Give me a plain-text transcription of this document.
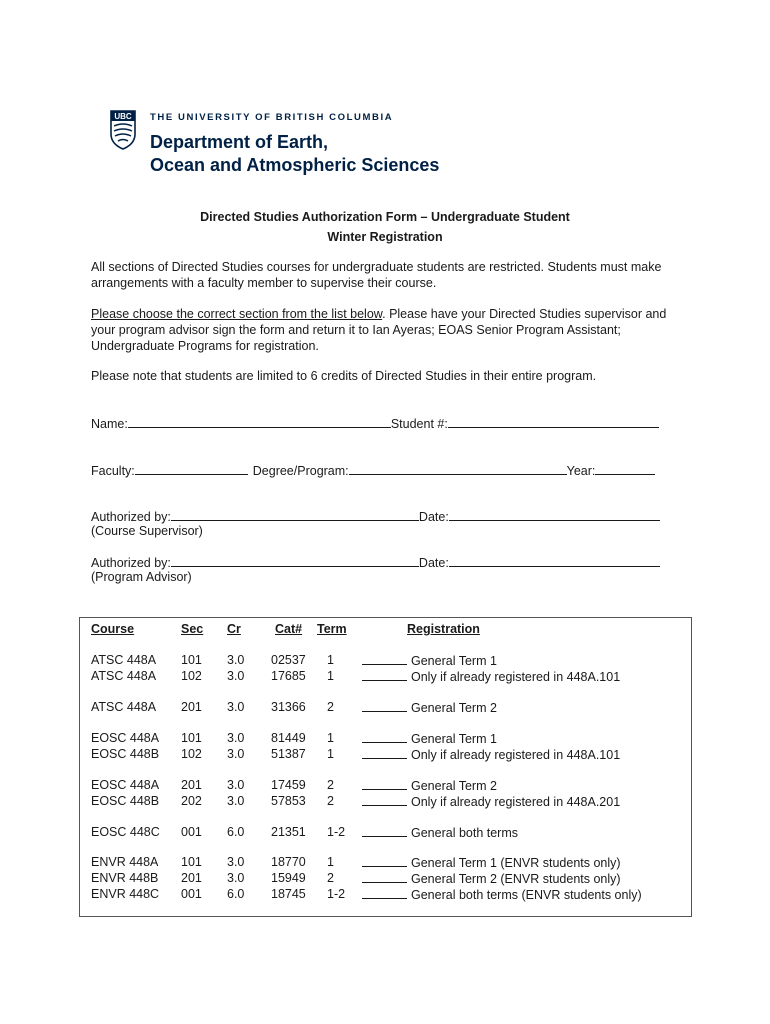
UBC THE UNIVERSITY OF BRITISH COLUMBIA
Department of Earth,
Ocean and Atmospheric Sciences
Directed Studies Authorization Form – Undergraduate Student
Winter Registration
All sections of Directed Studies courses for undergraduate students are restricted. Students must make arrangements with a faculty member to supervise their course.
Please choose the correct section from the list below. Please have your Directed Studies supervisor and your program advisor sign the form and return it to Ian Ayeras; EOAS Senior Program Assistant; Undergraduate Programs for registration.
Please note that students are limited to 6 credits of Directed Studies in their entire program.
Name:	Student #:
Faculty:	Degree/Program:	Year:
Authorized by:	Date:
(Course Supervisor)
Authorized by:	Date:
(Program Advisor)
Course	Sec Cr	Cat# Term	Registration
ATSC 448A 101 3.0 02537 1	General Term 1
ATSC 448A 102 3.0 17685 1	Only if already registered in 448A.101
ATSC 448A 201 3.0 31366 2	General Term 2
EOSC 448A 101 3.0 81449 1	General Term 1
EOSC 448B 102 3.0 51387 1	Only if already registered in 448A.101
EOSC 448A 201 3.0 17459 2	General Term 2
EOSC 448B 202 3.0 57853 2	Only if already registered in 448A.201
EOSC 448C 001 6.0 21351 1-2	General both terms
ENVR 448A 101 3.0 18770 1	General Term 1 (ENVR students only)
ENVR 448B 201 3.0 15949 2	General Term 2 (ENVR students only)
ENVR 448C 001 6.0 18745 1-2	General both terms (ENVR students only)
